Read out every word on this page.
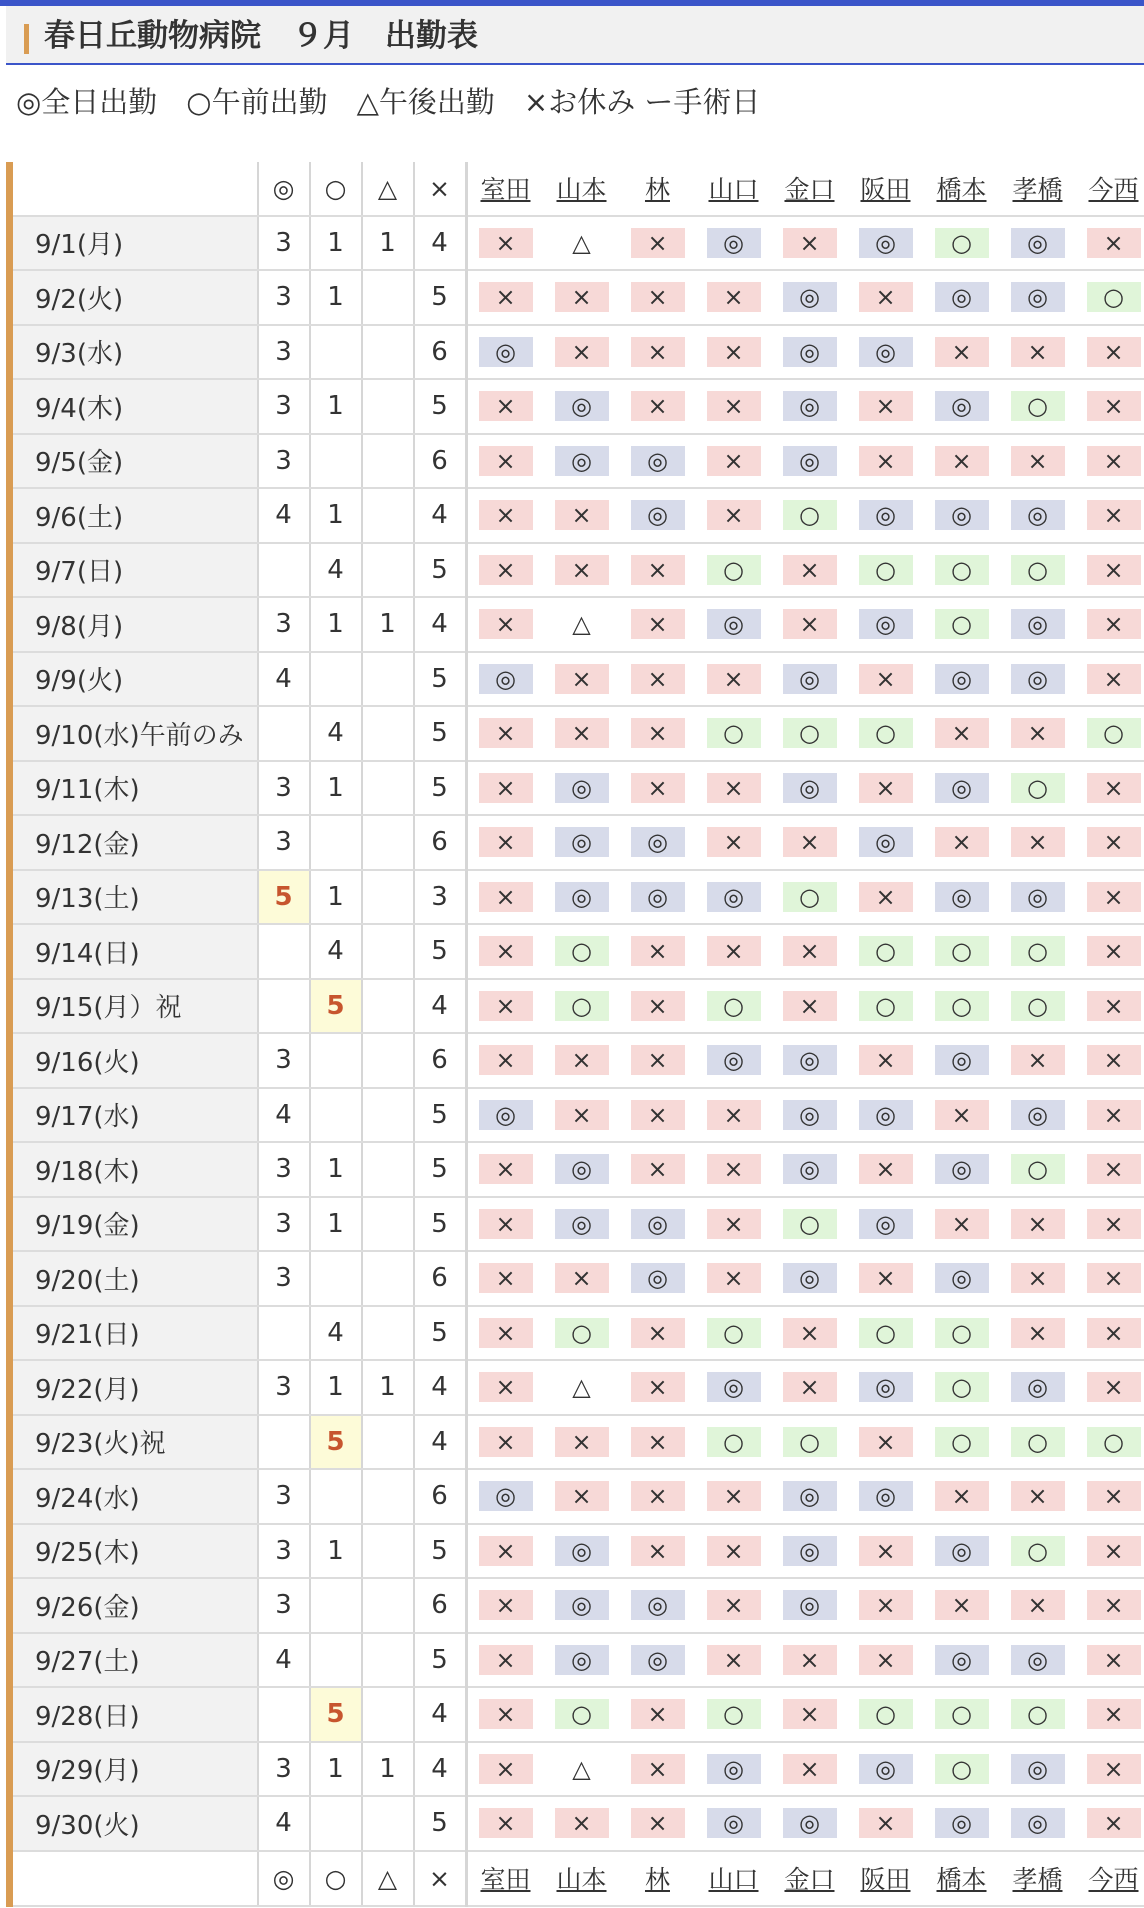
春日丘動物病院　９月　出勤表
◎全日出勤　○午前出勤　△午後出勤　×お休み ー手術日
	◎	○	△	×	室田	山本	林	山口	金口	阪田	橋本	孝橋	今西
9/1(月)	3	1	1	4	×	△	×	◎	×	◎	○	◎	×
9/2(火)	3	1		5	×	×	×	×	◎	×	◎	◎	○
9/3(水)	3			6	◎	×	×	×	◎	◎	×	×	×
9/4(木)	3	1		5	×	◎	×	×	◎	×	◎	○	×
9/5(金)	3			6	×	◎	◎	×	◎	×	×	×	×
9/6(土)	4	1		4	×	×	◎	×	○	◎	◎	◎	×
9/7(日)		4		5	×	×	×	○	×	○	○	○	×
9/8(月)	3	1	1	4	×	△	×	◎	×	◎	○	◎	×
9/9(火)	4			5	◎	×	×	×	◎	×	◎	◎	×
9/10(水)午前のみ		4		5	×	×	×	○	○	○	×	×	○
9/11(木)	3	1		5	×	◎	×	×	◎	×	◎	○	×
9/12(金)	3			6	×	◎	◎	×	×	◎	×	×	×
9/13(土)	5	1		3	×	◎	◎	◎	○	×	◎	◎	×
9/14(日)		4		5	×	○	×	×	×	○	○	○	×
9/15(月）祝		5		4	×	○	×	○	×	○	○	○	×
9/16(火)	3			6	×	×	×	◎	◎	×	◎	×	×
9/17(水)	4			5	◎	×	×	×	◎	◎	×	◎	×
9/18(木)	3	1		5	×	◎	×	×	◎	×	◎	○	×
9/19(金)	3	1		5	×	◎	◎	×	○	◎	×	×	×
9/20(土)	3			6	×	×	◎	×	◎	×	◎	×	×
9/21(日)		4		5	×	○	×	○	×	○	○	×	×
9/22(月)	3	1	1	4	×	△	×	◎	×	◎	○	◎	×
9/23(火)祝		5		4	×	×	×	○	○	×	○	○	○
9/24(水)	3			6	◎	×	×	×	◎	◎	×	×	×
9/25(木)	3	1		5	×	◎	×	×	◎	×	◎	○	×
9/26(金)	3			6	×	◎	◎	×	◎	×	×	×	×
9/27(土)	4			5	×	◎	◎	×	×	×	◎	◎	×
9/28(日)		5		4	×	○	×	○	×	○	○	○	×
9/29(月)	3	1	1	4	×	△	×	◎	×	◎	○	◎	×
9/30(火)	4			5	×	×	×	◎	◎	×	◎	◎	×
	◎	○	△	×	室田	山本	林	山口	金口	阪田	橋本	孝橋	今西
